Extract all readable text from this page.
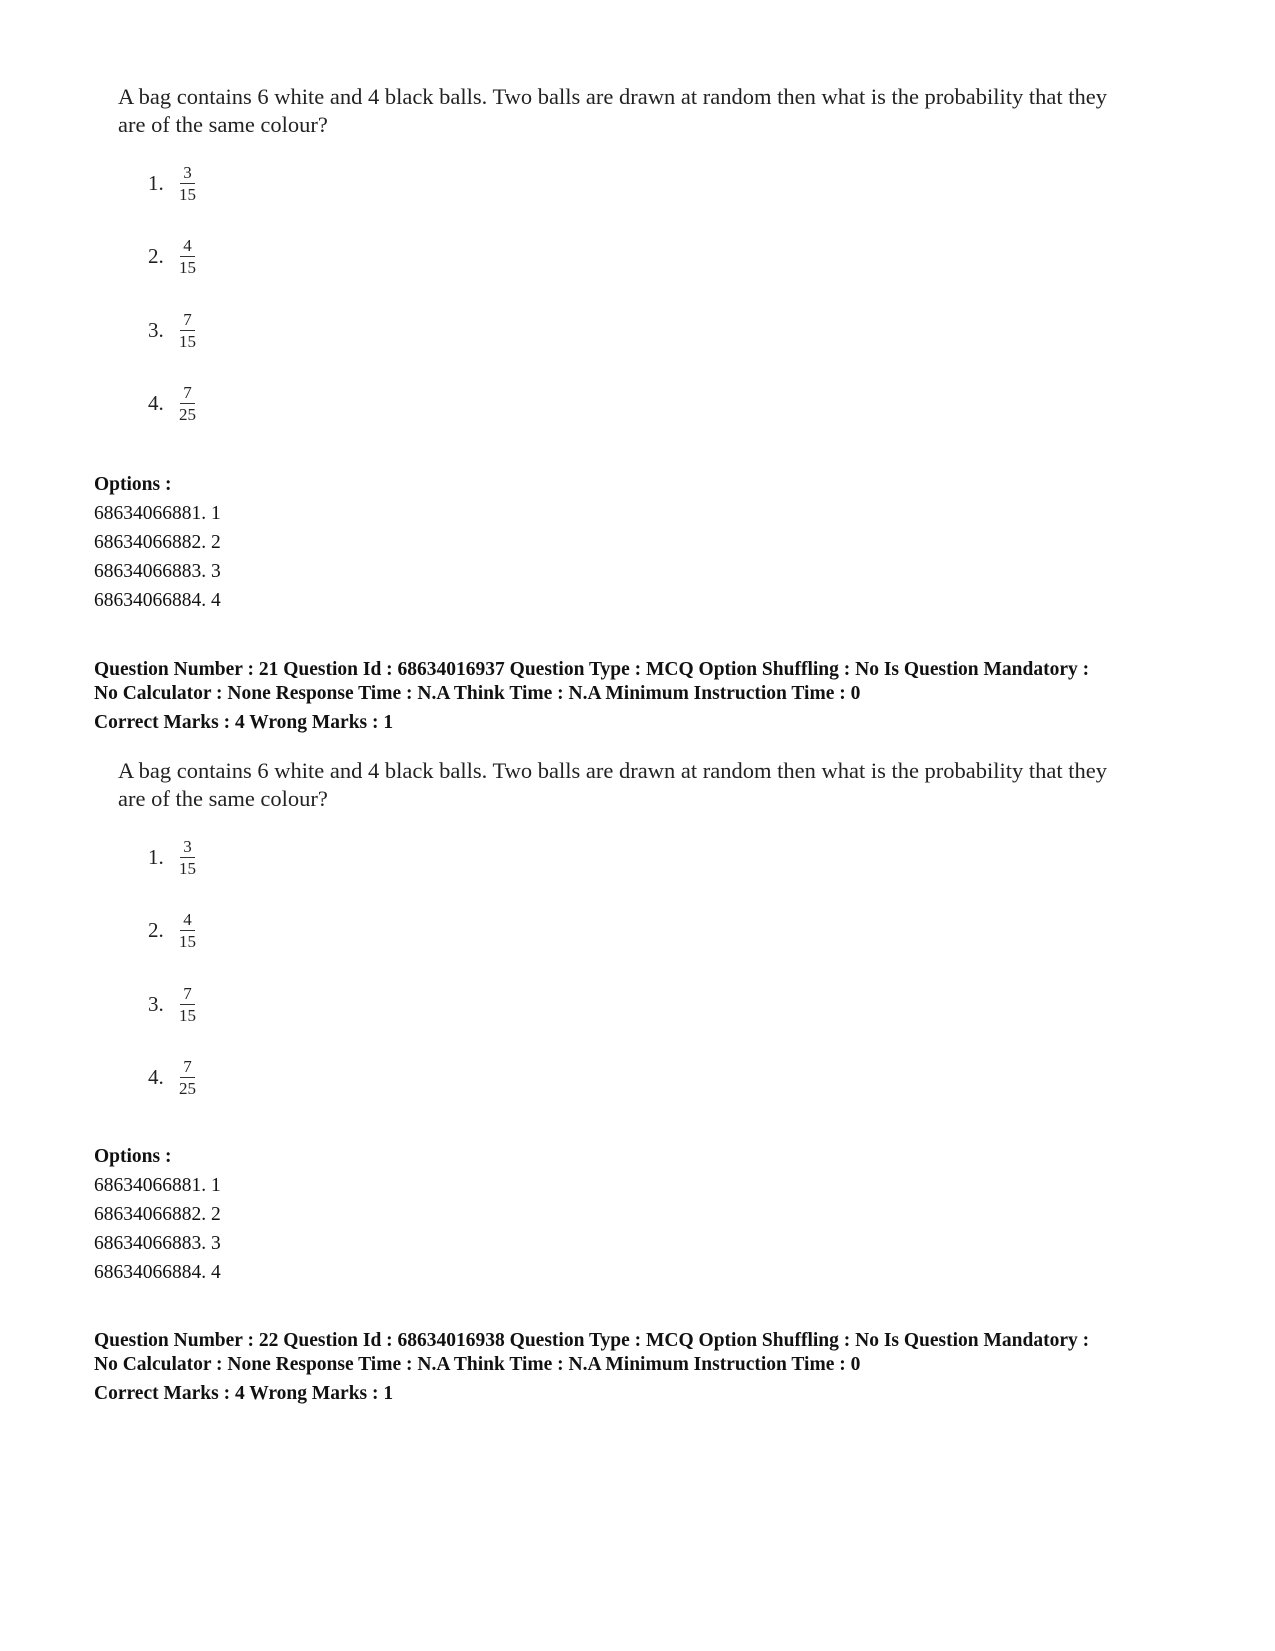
A bag contains 6 white and 4 black balls. Two balls are drawn at random then what is the probability that they
are of the same colour?

1. $\frac{3}{15}$
2. $\frac{4}{15}$
3. $\frac{7}{15}$
4. $\frac{7}{25}$
Options :
68634066881. 1
68634066882. 2
68634066883. 3
68634066884. 4
Question Number : 21 Question Id : 68634016937 Question Type : MCQ Option Shuffling : No Is Question Mandatory :
No Calculator : None Response Time : N.A Think Time : N.A Minimum Instruction Time : 0
Correct Marks : 4 Wrong Marks : 1

A bag contains 6 white and 4 black balls. Two balls are drawn at random then what is the probability that they
are of the same colour?

1. $\frac{3}{15}$
2. $\frac{4}{15}$
3. $\frac{7}{15}$
4. $\frac{7}{25}$
Options :
68634066881. 1
68634066882. 2
68634066883. 3
68634066884. 4
Question Number : 22 Question Id : 68634016938 Question Type : MCQ Option Shuffling : No Is Question Mandatory :
No Calculator : None Response Time : N.A Think Time : N.A Minimum Instruction Time : 0
Correct Marks : 4 Wrong Marks : 1
